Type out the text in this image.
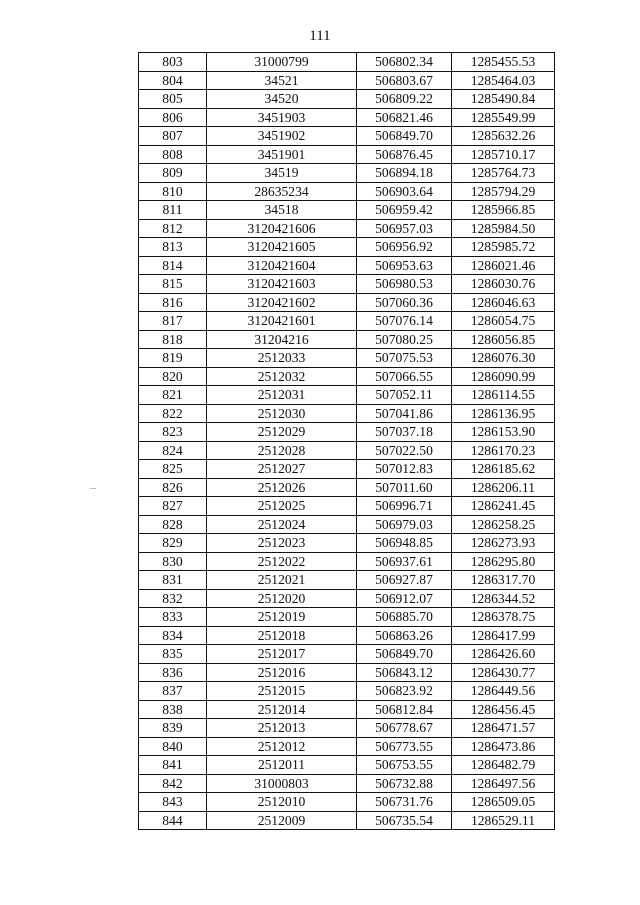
111
803	31000799	506802.34	1285455.53
804	34521	506803.67	1285464.03
805	34520	506809.22	1285490.84
806	3451903	506821.46	1285549.99
807	3451902	506849.70	1285632.26
808	3451901	506876.45	1285710.17
809	34519	506894.18	1285764.73
810	28635234	506903.64	1285794.29
811	34518	506959.42	1285966.85
812	3120421606	506957.03	1285984.50
813	3120421605	506956.92	1285985.72
814	3120421604	506953.63	1286021.46
815	3120421603	506980.53	1286030.76
816	3120421602	507060.36	1286046.63
817	3120421601	507076.14	1286054.75
818	31204216	507080.25	1286056.85
819	2512033	507075.53	1286076.30
820	2512032	507066.55	1286090.99
821	2512031	507052.11	1286114.55
822	2512030	507041.86	1286136.95
823	2512029	507037.18	1286153.90
824	2512028	507022.50	1286170.23
825	2512027	507012.83	1286185.62
826	2512026	507011.60	1286206.11
827	2512025	506996.71	1286241.45
828	2512024	506979.03	1286258.25
829	2512023	506948.85	1286273.93
830	2512022	506937.61	1286295.80
831	2512021	506927.87	1286317.70
832	2512020	506912.07	1286344.52
833	2512019	506885.70	1286378.75
834	2512018	506863.26	1286417.99
835	2512017	506849.70	1286426.60
836	2512016	506843.12	1286430.77
837	2512015	506823.92	1286449.56
838	2512014	506812.84	1286456.45
839	2512013	506778.67	1286471.57
840	2512012	506773.55	1286473.86
841	2512011	506753.55	1286482.79
842	31000803	506732.88	1286497.56
843	2512010	506731.76	1286509.05
844	2512009	506735.54	1286529.11
